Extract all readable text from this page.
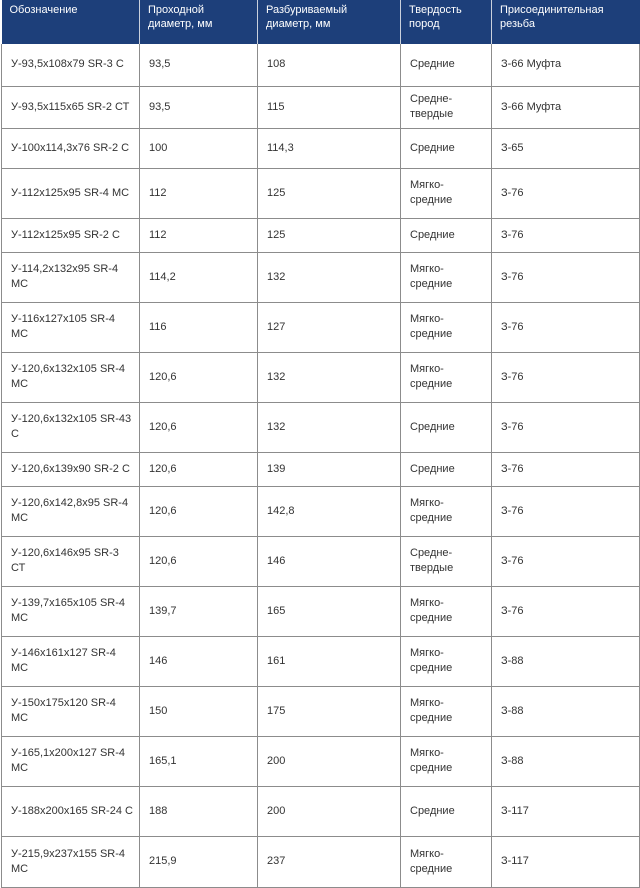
Обозначение	Проходной диаметр, мм	Разбуриваемый диаметр, мм	Твердость пород	Присоединительная резьба
У-93,5х108х79 SR-3 С	93,5	108	Средние	З-66 Муфта
У-93,5х115х65 SR-2 СТ	93,5	115	Средне-твердые	З-66 Муфта
У-100х114,3х76 SR-2 С	100	114,3	Средние	З-65
У-112х125х95 SR-4 МС	112	125	Мягко-средние	З-76
У-112х125х95 SR-2 С	112	125	Средние	З-76
У-114,2х132х95 SR-4 МС	114,2	132	Мягко-средние	З-76
У-116х127х105 SR-4 МС	116	127	Мягко-средние	З-76
У-120,6х132х105 SR-4 МС	120,6	132	Мягко-средние	З-76
У-120,6х132х105 SR-43 С	120,6	132	Средние	З-76
У-120,6х139х90 SR-2 С	120,6	139	Средние	З-76
У-120,6х142,8х95 SR-4 МС	120,6	142,8	Мягко-средние	З-76
У-120,6х146х95 SR-3 СТ	120,6	146	Средне-твердые	З-76
У-139,7х165х105 SR-4 МС	139,7	165	Мягко-средние	З-76
У-146х161х127 SR-4 МС	146	161	Мягко-средние	З-88
У-150х175х120 SR-4 МС	150	175	Мягко-средние	З-88
У-165,1х200х127 SR-4 МС	165,1	200	Мягко-средние	З-88
У-188х200х165 SR-24 С	188	200	Средние	З-117
У-215,9х237х155 SR-4 МС	215,9	237	Мягко-средние	З-117
